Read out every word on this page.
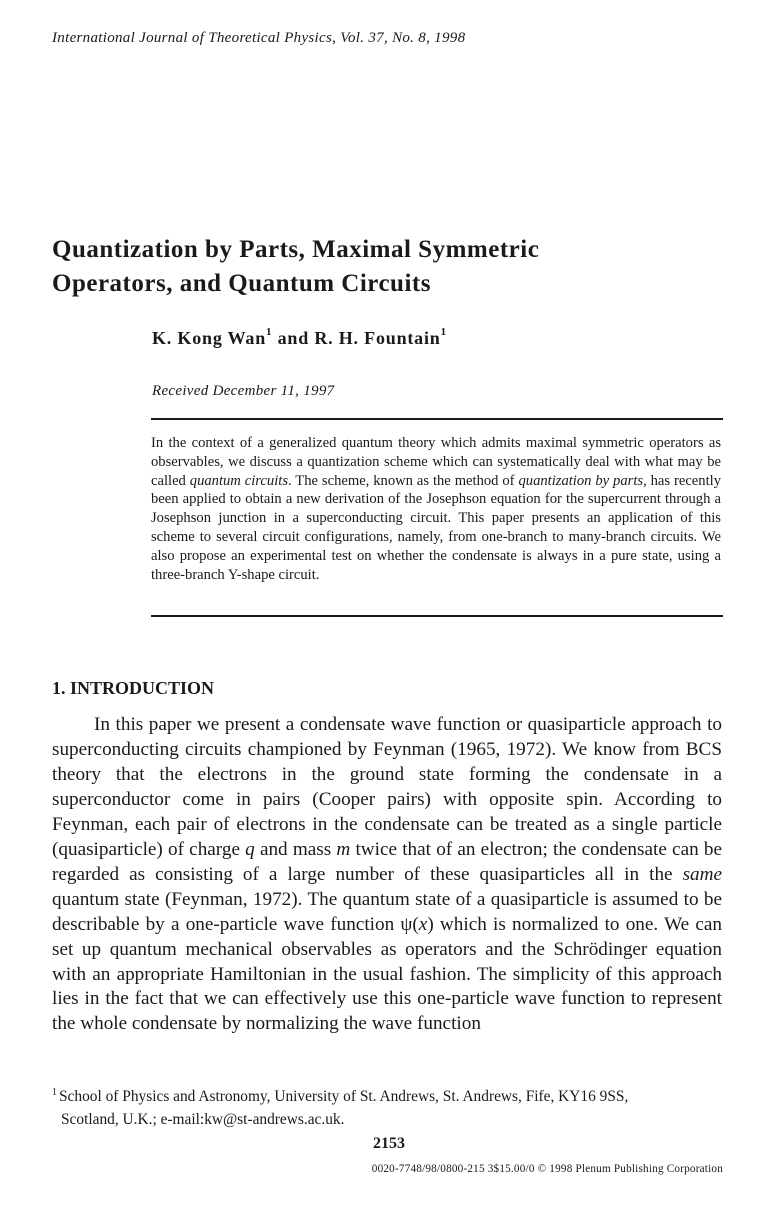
International Journal of Theoretical Physics, Vol. 37, No. 8, 1998
Quantization by Parts, Maximal Symmetric
Operators, and Quantum Circuits
K. Kong Wan$^1$ and R. H. Fountain$^1$
Received December 11, 1997
In the context of a generalized quantum theory which admits maximal symmetric operators as observables, we discuss a quantization scheme which can systematically deal with what may be called quantum circuits. The scheme, known as the method of quantization by parts, has recently been applied to obtain a new derivation of the Josephson equation for the supercurrent through a Josephson junction in a superconducting circuit. This paper presents an application of this scheme to several circuit configurations, namely, from one-branch to many-branch circuits. We also propose an experimental test on whether the condensate is always in a pure state, using a three-branch Y-shape circuit.
1. INTRODUCTION
In this paper we present a condensate wave function or quasiparticle approach to superconducting circuits championed by Feynman (1965, 1972). We know from BCS theory that the electrons in the ground state forming the condensate in a superconductor come in pairs (Cooper pairs) with opposite spin. According to Feynman, each pair of electrons in the condensate can be treated as a single particle (quasiparticle) of charge q and mass m twice that of an electron; the condensate can be regarded as consisting of a large number of these quasiparticles all in the same quantum state (Feynman, 1972). The quantum state of a quasiparticle is assumed to be describable by a one-particle wave function ψ(x) which is normalized to one. We can set up quantum mechanical observables as operators and the Schrödinger equation with an appropriate Hamiltonian in the usual fashion. The simplicity of this approach lies in the fact that we can effectively use this one-particle wave function to represent the whole condensate by normalizing the wave function
$^1$ School of Physics and Astronomy, University of St. Andrews, St. Andrews, Fife, KY16 9SS,
Scotland, U.K.; e-mail:kw@st-andrews.ac.uk.
2153
0020-7748/98/0800-215 3$15.00/0 © 1998 Plenum Publishing Corporation
